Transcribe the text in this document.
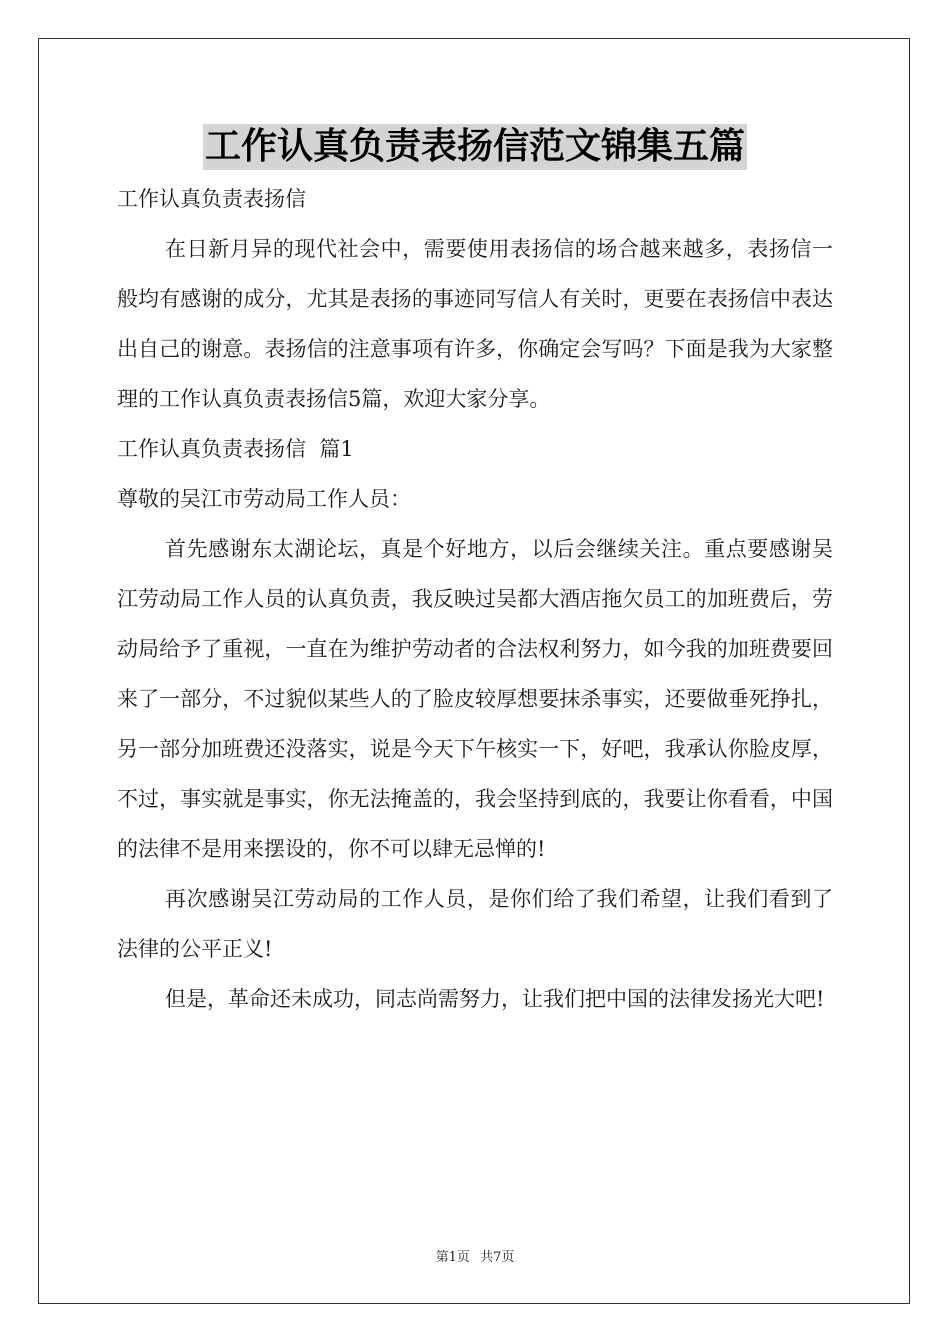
工作认真负责表扬信范文锦集五篇
工作认真负责表扬信

在日新月异的现代社会中，需要使用表扬信的场合越来越多，表扬信一般均有感谢的成分，尤其是表扬的事迹同写信人有关时，更要在表扬信中表达出自己的谢意。表扬信的注意事项有许多，你确定会写吗？下面是我为大家整理的工作认真负责表扬信5篇，欢迎大家分享。

工作认真负责表扬信  篇1
尊敬的吴江市劳动局工作人员：

首先感谢东太湖论坛，真是个好地方，以后会继续关注。重点要感谢吴江劳动局工作人员的认真负责，我反映过吴都大酒店拖欠员工的加班费后，劳动局给予了重视，一直在为维护劳动者的合法权利努力，如今我的加班费要回来了一部分，不过貌似某些人的了脸皮较厚想要抹杀事实，还要做垂死挣扎，另一部分加班费还没落实，说是今天下午核实一下，好吧，我承认你脸皮厚，不过，事实就是事实，你无法掩盖的，我会坚持到底的，我要让你看看，中国的法律不是用来摆设的，你不可以肆无忌惮的!

再次感谢吴江劳动局的工作人员，是你们给了我们希望，让我们看到了法律的公平正义!

但是，革命还未成功，同志尚需努力，让我们把中国的法律发扬光大吧!

第1页 共7页
